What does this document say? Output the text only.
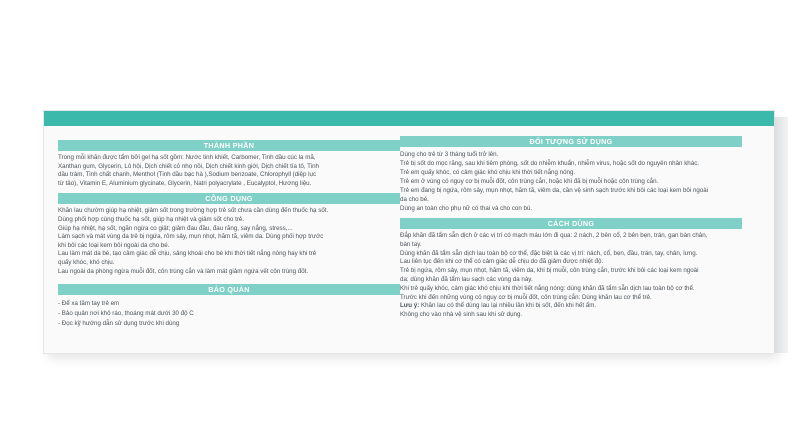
THÀNH PHẦN

Trong mỗi khăn được tẩm bởi gel hạ sốt gồm: Nước tinh khiết, Carbomer, Tinh dầu cúc la mã,

Xanthan gum, Glycerin, Lô hội, Dịch chiết cỏ nhọ nồi, Dịch chiết kinh giới, Dịch chiết tía tô, Tinh

dầu tràm, Tinh chất chanh, Menthol (Tinh dầu bạc hà ),Sodium benzoate, Chlorophyll (diệp lục

từ tảo), Vitamin E, Aluminium glycinate, Glycerin, Natri polyacrylate , Eucalyptol, Hương liệu.

CÔNG DỤNG

Khăn lau chườm giúp hạ nhiệt, giảm sốt trong trường hợp trẻ sốt chưa cần dùng đến thuốc hạ sốt.

Dùng phối hợp cùng thuốc hạ sốt, giúp hạ nhiệt và giảm sốt cho trẻ.

Giúp hạ nhiệt, hạ sốt, ngăn ngừa co giật; giảm đau đầu, đau răng, say nắng, stress,...

Làm sạch và mát vùng da trẻ bị ngứa, rôm sảy, mụn nhọt, hăm tã, viêm da. Dùng phối hợp trước

khi bôi các loại kem bôi ngoài da cho bé.

Lau làm mát da bé, tạo cảm giác dễ chịu, sảng khoái cho bé khi thời tiết nắng nóng hay khi trẻ

quấy khóc, khó chịu.

Lau ngoài da phòng ngừa muỗi đốt, côn trùng cắn và làm mát giảm ngứa vết côn trùng đốt.

BẢO QUẢN

- Để xa tầm tay trẻ em

- Bảo quản nơi khô ráo, thoáng mát dưới 30 độ C

- Đọc kỹ hướng dẫn sử dụng trước khi dùng

ĐỐI TƯỢNG SỬ DỤNG

Dùng cho trẻ từ 3 tháng tuổi trở lên.

Trẻ bị sốt do mọc răng, sau khi tiêm phòng, sốt do nhiễm khuẩn, nhiễm virus, hoặc sốt do nguyên nhân khác.

Trẻ em quấy khóc, có cảm giác khó chịu khi thời tiết nắng nóng.

Trẻ em ở vùng có nguy cơ bị muỗi đốt, côn trùng cắn, hoặc khi đã bị muỗi hoặc côn trùng cắn.

Trẻ em đang bị ngứa, rôm sảy, mụn nhọt, hăm tã, viêm da, cần vệ sinh sạch trước khi bôi các loại kem bôi ngoài

da cho bé.

Dùng an toàn cho phụ nữ có thai và cho con bú.

CÁCH DÙNG

Đắp khăn đã tẩm sẵn dịch ở các vị trí có mạch máu lớn đi qua: 2 nách, 2 bên cổ, 2 bên bẹn, trán, gan bàn chân,

bàn tay.

Dùng khăn đã tẩm sẵn dịch lau toàn bộ cơ thể, đặc biệt là các vị trí: nách, cổ, bẹn, đầu, trán, tay, chân, lưng.

Lau liên tục đến khi cơ thể có cảm giác dễ chịu do đã giảm được nhiệt độ.

Trẻ bị ngứa, rôm sảy, mụn nhọt, hăm tã, viêm da, khi bị muỗi, côn trùng cắn, trước khi bôi các loại kem ngoài

da: dùng khăn đã tẩm lau sạch các vùng da này.

Khi trẻ quấy khóc, cảm giác khó chịu khi thời tiết nắng nóng: dùng khăn đã tẩm sẵn dịch lau toàn bộ cơ thể.

Trước khi đến những vùng có nguy cơ bị muỗi đốt, côn trùng cắn: Dùng khăn lau cơ thể trẻ.

Lưu ý: Khăn lau có thể dùng lau lại nhiều lần khi bị sốt, đến khi hết ẩm.

Không cho vào nhà vệ sinh sau khi sử dụng.
